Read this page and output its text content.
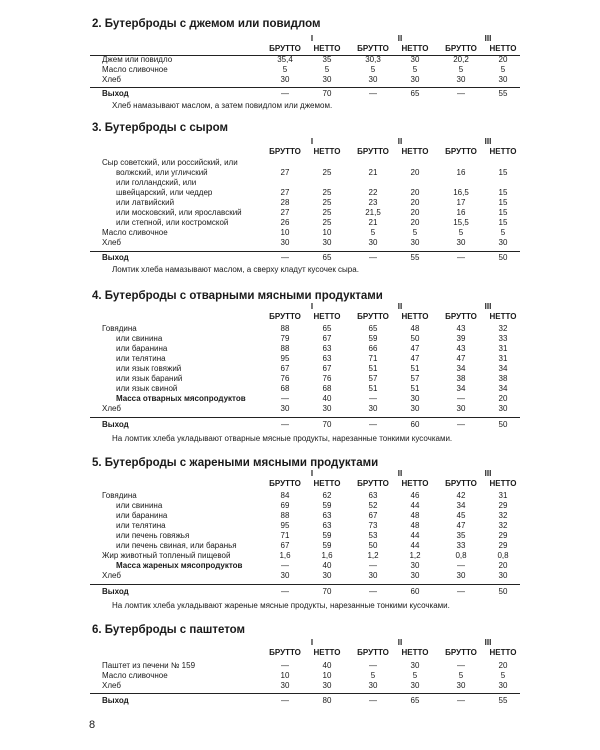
2. Бутерброды с джемом или повидлом
I	II	III
БРУТТО	НЕТТО	БРУТТО	НЕТТО	БРУТТО	НЕТТО
Джем или повидло	35,4	35	30,3	30	20,2	20
Масло сливочное	5	5	5	5	5	5
Хлеб	30	30	30	30	30	30
Выход	—	70	—	65	—	55
Хлеб намазывают маслом, а затем повидлом или джемом.
3. Бутерброды с сыром
I	II	III
БРУТТО	НЕТТО	БРУТТО	НЕТТО	БРУТТО	НЕТТО
Сыр советский, или российский, или
волжский, или угличский	27	25	21	20	16	15
или голландский, или
швейцарский, или чеддер	27	25	22	20	16,5	15
или латвийский	28	25	23	20	17	15
или московский, или ярославский	27	25	21,5	20	16	15
или степной, или костромской	26	25	21	20	15,5	15
Масло сливочное	10	10	5	5	5	5
Хлеб	30	30	30	30	30	30
Выход	—	65	—	55	—	50
Ломтик хлеба намазывают маслом, а сверху кладут кусочек сыра.
4. Бутерброды с отварными мясными продуктами
I	II	III
БРУТТО	НЕТТО	БРУТТО	НЕТТО	БРУТТО	НЕТТО
Говядина	88	65	65	48	43	32
или свинина	79	67	59	50	39	33
или баранина	88	63	66	47	43	31
или телятина	95	63	71	47	47	31
или язык говяжий	67	67	51	51	34	34
или язык бараний	76	76	57	57	38	38
или язык свиной	68	68	51	51	34	34
Масса отварных мясопродуктов	—	40	—	30	—	20
Хлеб	30	30	30	30	30	30
Выход	—	70	—	60	—	50
На ломтик хлеба укладывают отварные мясные продукты, нарезанные тонкими кусочками.
5. Бутерброды с жареными мясными продуктами
I	II	III
БРУТТО	НЕТТО	БРУТТО	НЕТТО	БРУТТО	НЕТТО
Говядина	84	62	63	46	42	31
или свинина	69	59	52	44	34	29
или баранина	88	63	67	48	45	32
или телятина	95	63	73	48	47	32
или печень говяжья	71	59	53	44	35	29
или печень свиная, или баранья	67	59	50	44	33	29
Жир животный топленый пищевой	1,6	1,6	1,2	1,2	0,8	0,8
Масса жареных мясопродуктов	—	40	—	30	—	20
Хлеб	30	30	30	30	30	30
Выход	—	70	—	60	—	50
На ломтик хлеба укладывают жареные мясные продукты, нарезанные тонкими кусочками.
6. Бутерброды с паштетом
I	II	III
БРУТТО	НЕТТО	БРУТТО	НЕТТО	БРУТТО	НЕТТО
Паштет из печени № 159	—	40	—	30	—	20
Масло сливочное	10	10	5	5	5	5
Хлеб	30	30	30	30	30	30
Выход	—	80	—	65	—	55
8
